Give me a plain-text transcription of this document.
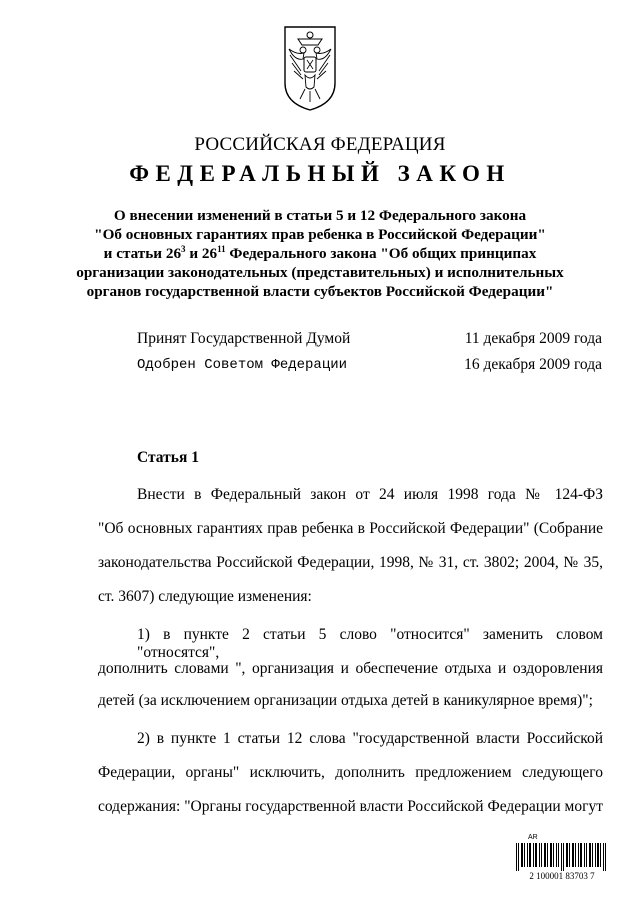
РОССИЙСКАЯ ФЕДЕРАЦИЯ
ФЕДЕРАЛЬНЫЙ ЗАКОН
О внесении изменений в статьи 5 и 12 Федерального закона
"Об основных гарантиях прав ребенка в Российской Федерации"
и статьи $26^3$ и $26^{11}$ Федерального закона "Об общих принципах
организации законодательных (представительных) и исполнительных
органов государственной власти субъектов Российской Федерации"
Принят Государственной Думой	11 декабря 2009 года
Одобрен Советом Федерации	16 декабря 2009 года
Статья 1
Внести в Федеральный закон от 24 июля 1998 года № 124-ФЗ
"Об основных гарантиях прав ребенка в Российской Федерации" (Собрание
законодательства Российской Федерации, 1998, № 31, ст. 3802; 2004, № 35,
ст. 3607) следующие изменения:
1) в пункте 2 статьи 5 слово "относится" заменить словом "относятся",
дополнить словами ", организация и обеспечение отдыха и оздоровления
детей (за исключением организации отдыха детей в каникулярное время)";
2) в пункте 1 статьи 12 слова "государственной власти Российской
Федерации, органы" исключить, дополнить предложением следующего
содержания: "Органы государственной власти Российской Федерации могут
AR
2 100001 83703 7
